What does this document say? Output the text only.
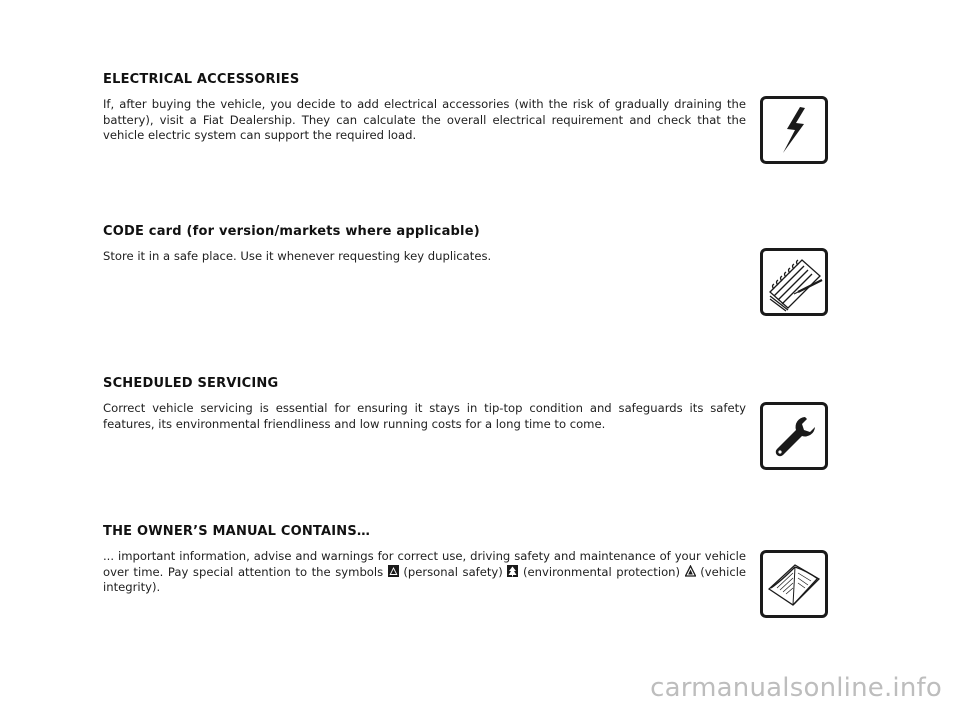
ELECTRICAL ACCESSORIES

If, after buying the vehicle, you decide to add electrical accessories (with the risk of gradually draining the battery), visit a Fiat Dealership. They can calculate the overall electrical requirement and check that the vehicle electric system can support the required load.

CODE card (for version/markets where applicable)

Store it in a safe place. Use it whenever requesting key duplicates.

SCHEDULED SERVICING

Correct vehicle servicing is essential for ensuring it stays in tip-top condition and safeguards its safety features, its environmental friendliness and low running costs for a long time to come.

THE OWNER’S MANUAL CONTAINS…

... important information, advise and warnings for correct use, driving safety and maintenance of your vehicle over time. Pay special attention to the symbols (personal safety) (environmental protection) (vehicle integrity).

carmanualsonline.info
